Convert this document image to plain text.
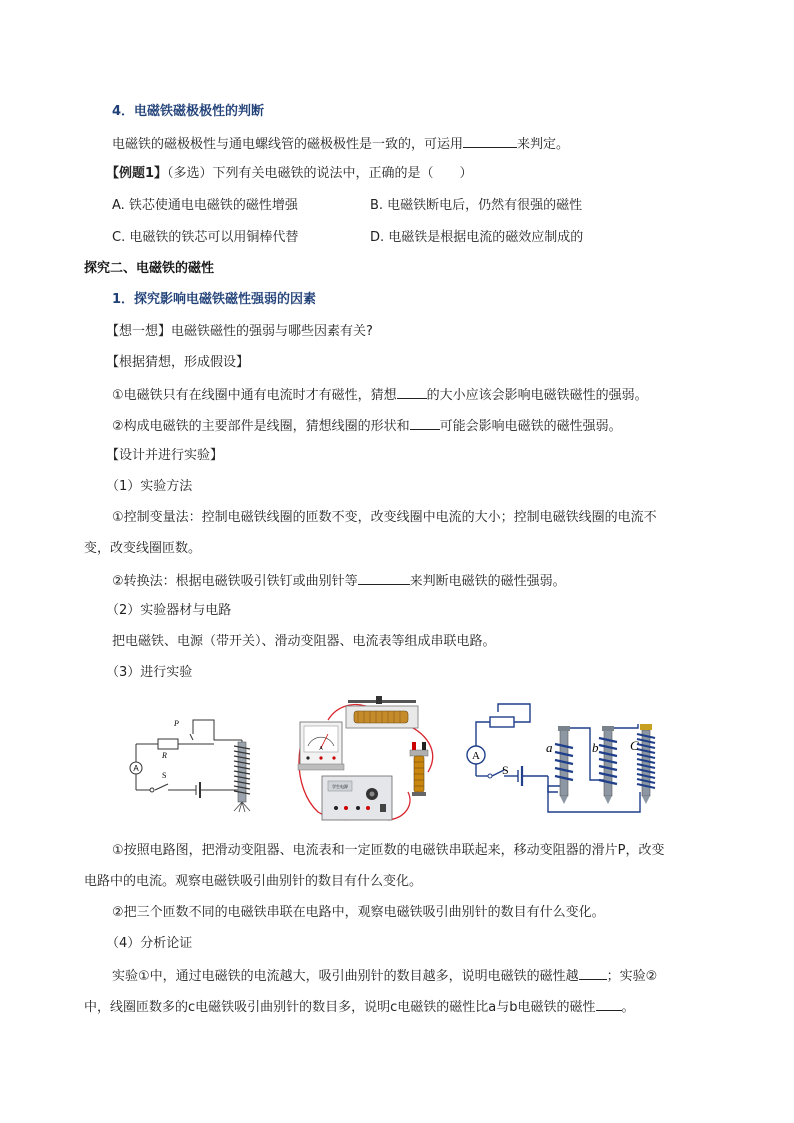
4．电磁铁磁极极性的判断
电磁铁的磁极极性与通电螺线管的磁极极性是一致的，可运用	来判定。
【例题1】（多选）下列有关电磁铁的说法中，正确的是（　　）
A. 铁芯使通电电磁铁的磁性增强	B. 电磁铁断电后，仍然有很强的磁性
C. 电磁铁的铁芯可以用铜棒代替	D. 电磁铁是根据电流的磁效应制成的
探究二、电磁铁的磁性
1．探究影响电磁铁磁性强弱的因素
【想一想】电磁铁磁性的强弱与哪些因素有关?
【根据猜想，形成假设】
①电磁铁只有在线圈中通有电流时才有磁性，猜想 的大小应该会影响电磁铁磁性的强弱。
②构成电磁铁的主要部件是线圈，猜想线圈的形状和 可能会影响电磁铁的磁性强弱。
【设计并进行实验】
（1）实验方法
①控制变量法：控制电磁铁线圈的匝数不变，改变线圈中电流的大小；控制电磁铁线圈的电流不
变，改变线圈匝数。
②转换法：根据电磁铁吸引铁钉或曲别针等	来判断电磁铁的磁性强弱。
（2）实验器材与电路
把电磁铁、电源（带开关）、滑动变阻器、电流表等组成串联电路。
（3）进行实验
A
P
R
S
A
学生电源
A
S
a	b C
①按照电路图，把滑动变阻器、电流表和一定匝数的电磁铁串联起来，移动变阻器的滑片P，改变
电路中的电流。观察电磁铁吸引曲别针的数目有什么变化。
②把三个匝数不同的电磁铁串联在电路中，观察电磁铁吸引曲别针的数目有什么变化。
（4）分析论证
实验①中，通过电磁铁的电流越大，吸引曲别针的数目越多，说明电磁铁的磁性越 ；实验②
中，线圈匝数多的c电磁铁吸引曲别针的数目多，说明c电磁铁的磁性比a与b电磁铁的磁性 。
